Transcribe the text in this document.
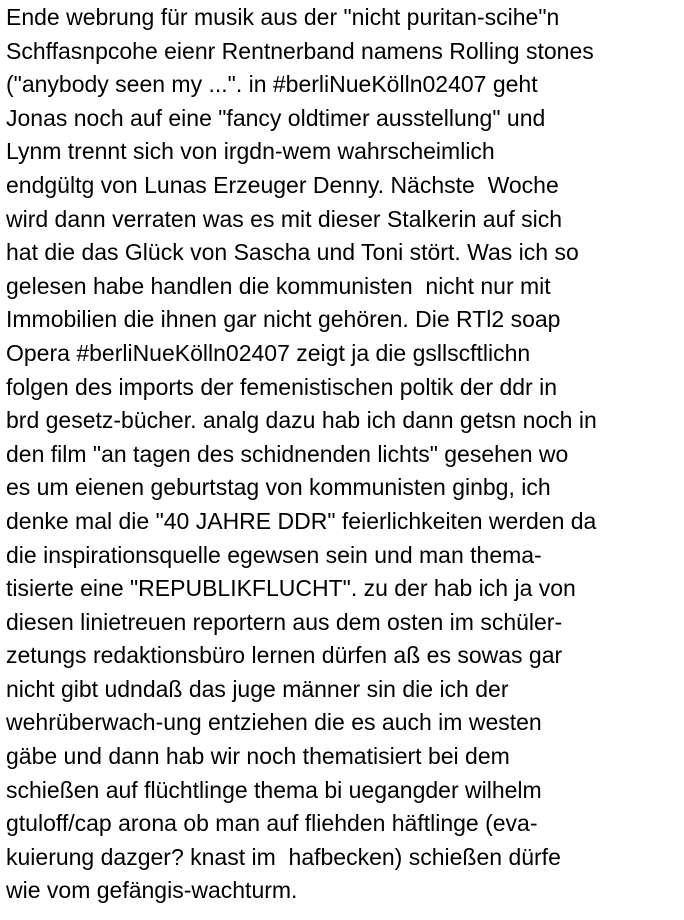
Ende webrung für musik aus der "nicht puritan-scihe"n
Schffasnpcohe eienr Rentnerband namens Rolling stones
("anybody seen my ...". in #berliNueKölln02407 geht
Jonas noch auf eine "fancy oldtimer ausstellung" und
Lynm trennt sich von irgdn-wem wahrscheimlich
endgültg von Lunas Erzeuger Denny. Nächste  Woche
wird dann verraten was es mit dieser Stalkerin auf sich
hat die das Glück von Sascha und Toni stört. Was ich so
gelesen habe handlen die kommunisten  nicht nur mit
Immobilien die ihnen gar nicht gehören. Die RTl2 soap
Opera #berliNueKölln02407 zeigt ja die gsllscftlichn
folgen des imports der femenistischen poltik der ddr in
brd gesetz-bücher. analg dazu hab ich dann getsn noch in
den film "an tagen des schidnenden lichts" gesehen wo
es um eienen geburtstag von kommunisten ginbg, ich
denke mal die "40 JAHRE DDR" feierlichkeiten werden da
die inspirationsquelle egewsen sein und man thema-
tisierte eine "REPUBLIKFLUCHT". zu der hab ich ja von
diesen linietreuen reportern aus dem osten im schüler-
zetungs redaktionsbüro lernen dürfen aß es sowas gar
nicht gibt udndaß das juge männer sin die ich der
wehrüberwach-ung entziehen die es auch im westen
gäbe und dann hab wir noch thematisiert bei dem
schießen auf flüchtlinge thema bi uegangder wilhelm
gtuloff/cap arona ob man auf fliehden häftlinge (eva-
kuierung dazger? knast im  hafbecken) schießen dürfe
wie vom gefängis-wachturm.
